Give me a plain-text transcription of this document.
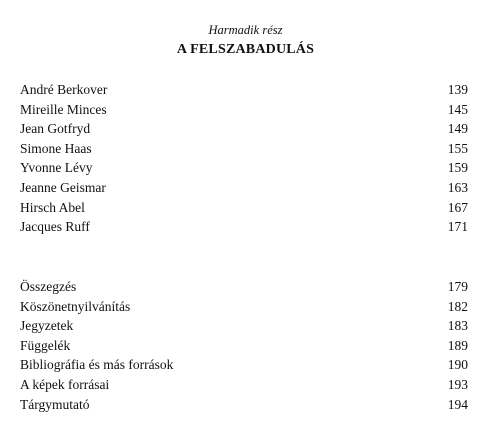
Harmadik rész
A FELSZABADULÁS
André Berkover	139
Mireille Minces	145
Jean Gotfryd	149
Simone Haas	155
Yvonne Lévy	159
Jeanne Geismar	163
Hirsch Abel	167
Jacques Ruff	171
Összegzés	179
Köszönetnyilvánítás	182
Jegyzetek	183
Függelék	189
Bibliográfia és más források	190
A képek forrásai	193
Tárgymutató	194
